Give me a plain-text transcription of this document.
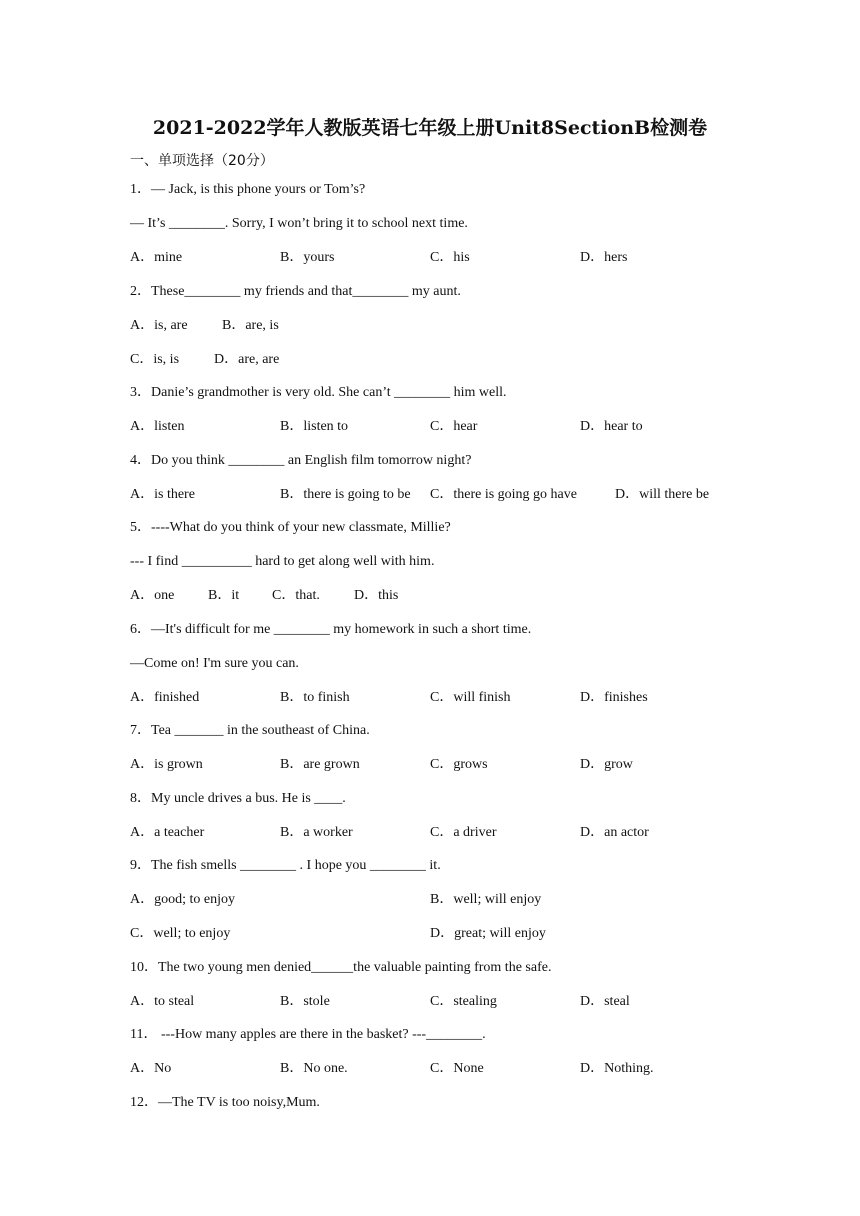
2021-2022学年人教版英语七年级上册Unit8SectionB检测卷
一、单项选择（20分）
1．— Jack, is this phone yours or Tom’s?
— It’s ________. Sorry, I won’t bring it to school next time.
A．mine	B．yours	C．his	D．hers
2．These________ my friends and that________ my aunt.
A．is, are B．are, is
C．is, is D．are, are
3．Danie’s grandmother is very old. She can’t ________ him well.
A．listen	B．listen to	C．hear	D．hear to
4．Do you think ________ an English film tomorrow night?
A．is there	B．there is going to be C．there is going go have	D．will there be
5．----What do you think of your new classmate, Millie?
--- I find __________ hard to get along well with him.
A．one B．it C．that. D．this
6．—It's difficult for me ________ my homework in such a short time.
—Come on! I'm sure you can.
A．finished	B．to finish	C．will finish	D．finishes
7．Tea _______ in the southeast of China.
A．is grown	B．are grown	C．grows	D．grow
8．My uncle drives a bus. He is ____.
A．a teacher	B．a worker	C．a driver	D．an actor
9．The fish smells ________ . I hope you ________ it.
A．good; to enjoy	B．well; will enjoy
C．well; to enjoy	D．great; will enjoy
10．The two young men denied______the valuable painting from the safe.
A．to steal	B．stole	C．stealing	D．steal
11． ---How many apples are there in the basket? ---________.
A．No	B．No one.	C．None	D．Nothing.
12．—The TV is too noisy,Mum.
